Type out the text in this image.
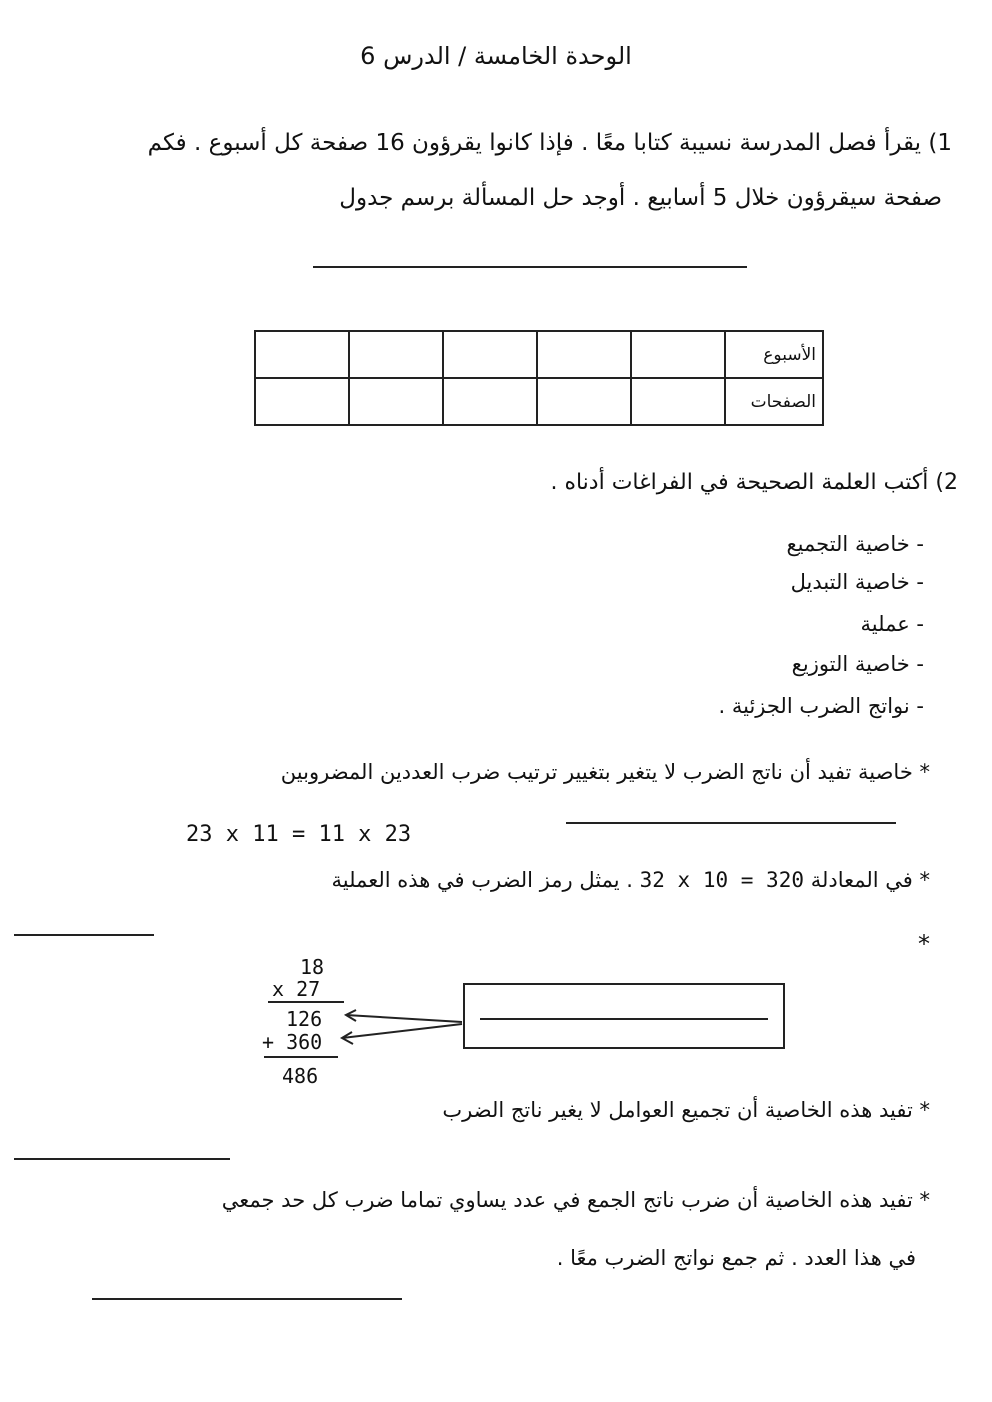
الوحدة الخامسة / الدرس 6
1) يقرأ فصل المدرسة نسيبة كتابا معًا . فإذا كانوا يقرؤون 16 صفحة كل أسبوع . فكم
صفحة سيقرؤون خلال 5 أسابيع . أوجد حل المسألة برسم جدول
الأسبوع					
الصفحات					
2) أكتب العلمة الصحيحة في الفراغات أدناه .
- خاصية التجميع
- خاصية التبديل
- عملية
- خاصية التوزيع
- نواتج الضرب الجزئية .
* خاصية تفيد أن ناتج الضرب لا يتغير بتغيير ترتيب ضرب العددين المضروبين
23 x 11 = 11 x 23
* في المعادلة 32 x 10 = 320 . يمثل رمز الضرب في هذه العملية
*
18
x 27
126
+ 360
486
* تفيد هذه الخاصية أن تجميع العوامل لا يغير ناتج الضرب
* تفيد هذه الخاصية أن ضرب ناتج الجمع في عدد يساوي تماما ضرب كل حد جمعي
في هذا العدد . ثم جمع نواتج الضرب معًا .
